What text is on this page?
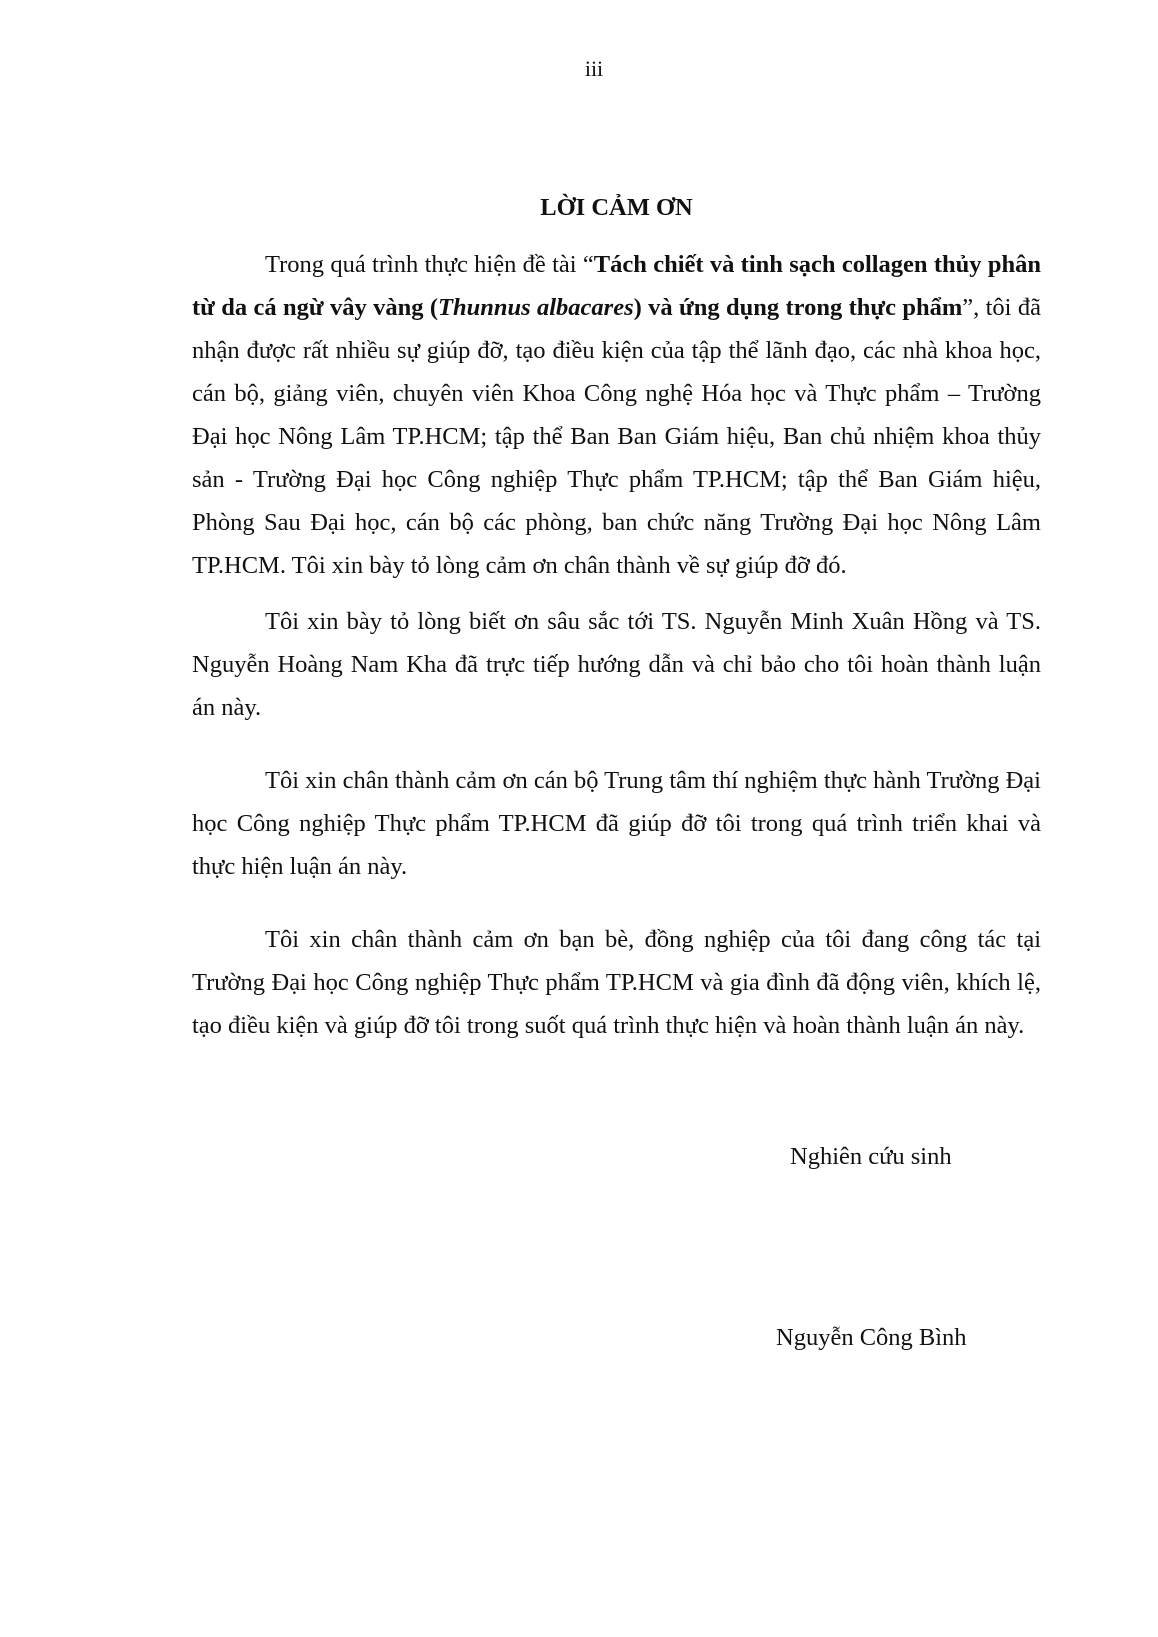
iii
LỜI CẢM ƠN

Trong quá trình thực hiện đề tài “Tách chiết và tinh sạch collagen thủy phân từ da cá ngừ vây vàng (Thunnus albacares) và ứng dụng trong thực phẩm”, tôi đã nhận được rất nhiều sự giúp đỡ, tạo điều kiện của tập thể lãnh đạo, các nhà khoa học, cán bộ, giảng viên, chuyên viên Khoa Công nghệ Hóa học và Thực phẩm – Trường Đại học Nông Lâm TP.HCM; tập thể Ban Ban Giám hiệu, Ban chủ nhiệm khoa thủy sản - Trường Đại học Công nghiệp Thực phẩm TP.HCM; tập thể Ban Giám hiệu, Phòng Sau Đại học, cán bộ các phòng, ban chức năng Trường Đại học Nông Lâm TP.HCM. Tôi xin bày tỏ lòng cảm ơn chân thành về sự giúp đỡ đó.

Tôi xin bày tỏ lòng biết ơn sâu sắc tới TS. Nguyễn Minh Xuân Hồng và TS. Nguyễn Hoàng Nam Kha đã trực tiếp hướng dẫn và chỉ bảo cho tôi hoàn thành luận án này.

Tôi xin chân thành cảm ơn cán bộ Trung tâm thí nghiệm thực hành Trường Đại học Công nghiệp Thực phẩm TP.HCM đã giúp đỡ tôi trong quá trình triển khai và thực hiện luận án này.

Tôi xin chân thành cảm ơn bạn bè, đồng nghiệp của tôi đang công tác tại Trường Đại học Công nghiệp Thực phẩm TP.HCM và gia đình đã động viên, khích lệ, tạo điều kiện và giúp đỡ tôi trong suốt quá trình thực hiện và hoàn thành luận án này.

Nghiên cứu sinh
Nguyễn Công Bình
